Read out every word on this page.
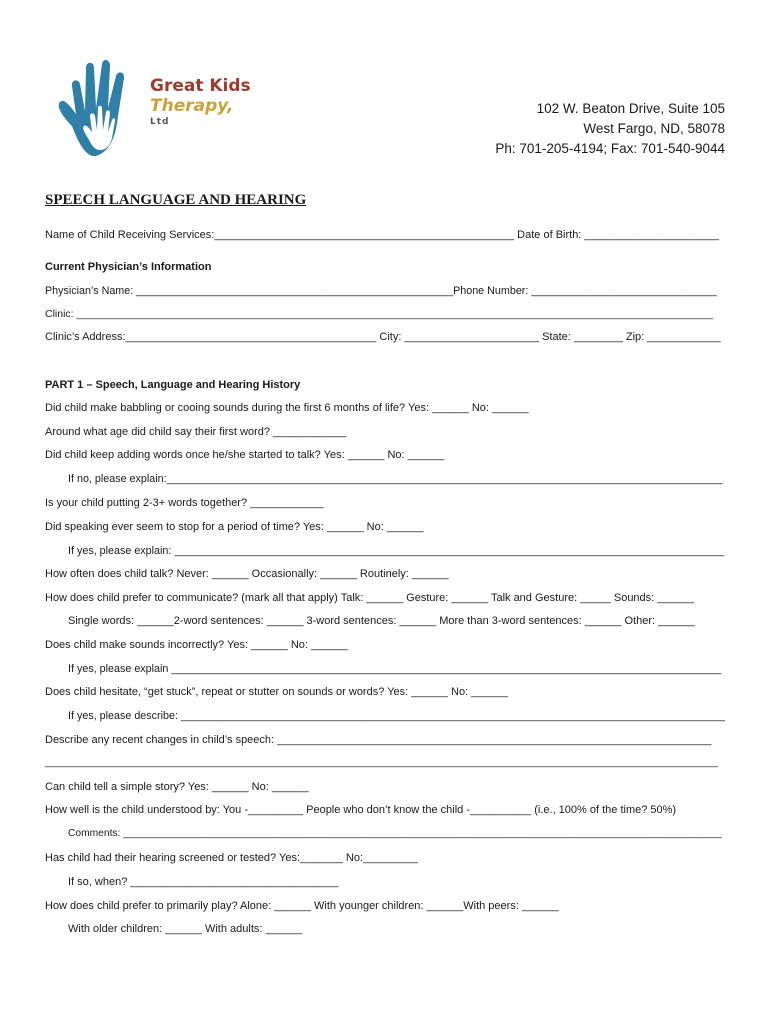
Great Kids
Therapy,
Ltd
102 W. Beaton Drive, Suite 105
West Fargo, ND, 58078
Ph: 701-205-4194; Fax: 701-540-9044
SPEECH LANGUAGE AND HEARING
Name of Child Receiving Services:_________________________________________________ Date of Birth: ______________________
Current Physician’s Information
Physician’s Name: _____________________________________________________Phone Number: _______________________________
Clinic: _____________________________________________________________________________________________________________
Clinic’s Address:_________________________________________ City: ______________________ State: ________ Zip: ____________
PART 1 – Speech, Language and Hearing History
Did child make babbling or cooing sounds during the first 6 months of life? Yes: ______ No: ______
Around what age did child say their first word? ____________
Did child keep adding words once he/she started to talk? Yes: ______ No: ______
If no, please explain:_____________________________________________________________________________________________
Is your child putting 2-3+ words together? ____________
Did speaking ever seem to stop for a period of time? Yes: ______ No: ______
If yes, please explain: ____________________________________________________________________________________________
How often does child talk? Never: ______ Occasionally: ______ Routinely: ______
How does child prefer to communicate? (mark all that apply) Talk: ______ Gesture: ______ Talk and Gesture: _____ Sounds: ______
Single words: ______2-word sentences: ______ 3-word sentences: ______ More than 3-word sentences: ______ Other: ______
Does child make sounds incorrectly? Yes: ______ No: ______
If yes, please explain ____________________________________________________________________________________________
Does child hesitate, “get stuck”, repeat or stutter on sounds or words? Yes: ______ No: ______
If yes, please describe: ___________________________________________________________________________________________
Describe any recent changes in child’s speech: _______________________________________________________________________
______________________________________________________________________________________________________________________
Can child tell a simple story? Yes: ______ No: ______
How well is the child understood by: You -_________ People who don’t know the child -__________ (i.e., 100% of the time? 50%)
Comments: _________________________________________________________________________________________________________
Has child had their hearing screened or tested? Yes:_______ No:_________
If so, when? __________________________________
How does child prefer to primarily play? Alone: ______ With younger children: ______With peers: ______
With older children: ______ With adults: ______
